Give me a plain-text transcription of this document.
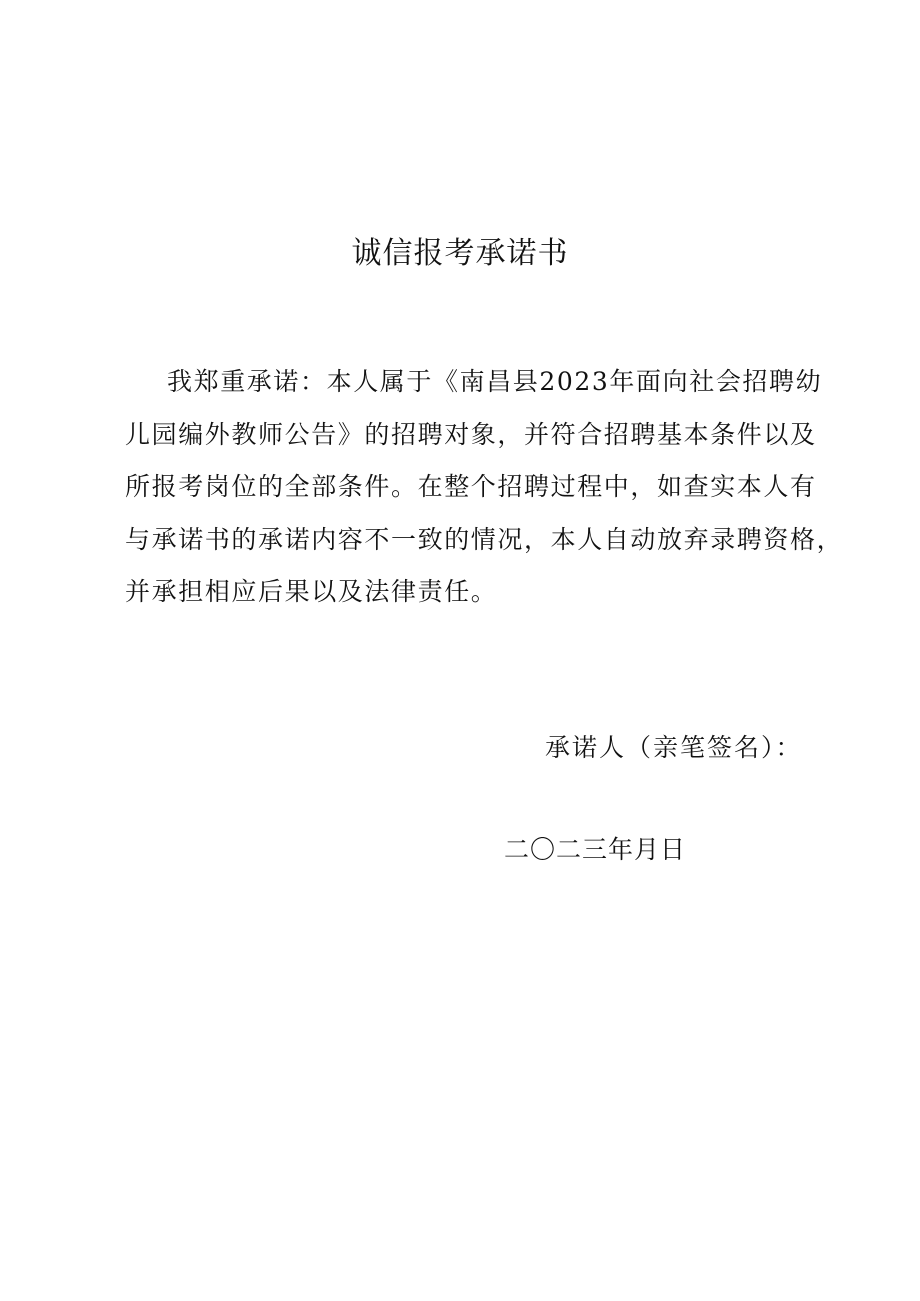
诚信报考承诺书
我郑重承诺：本人属于《南昌县2023年面向社会招聘幼
儿园编外教师公告》的招聘对象，并符合招聘基本条件以及
所报考岗位的全部条件。在整个招聘过程中，如查实本人有
与承诺书的承诺内容不一致的情况，本人自动放弃录聘资格，
并承担相应后果以及法律责任。
承诺人（亲笔签名）：
二〇二三年月日
